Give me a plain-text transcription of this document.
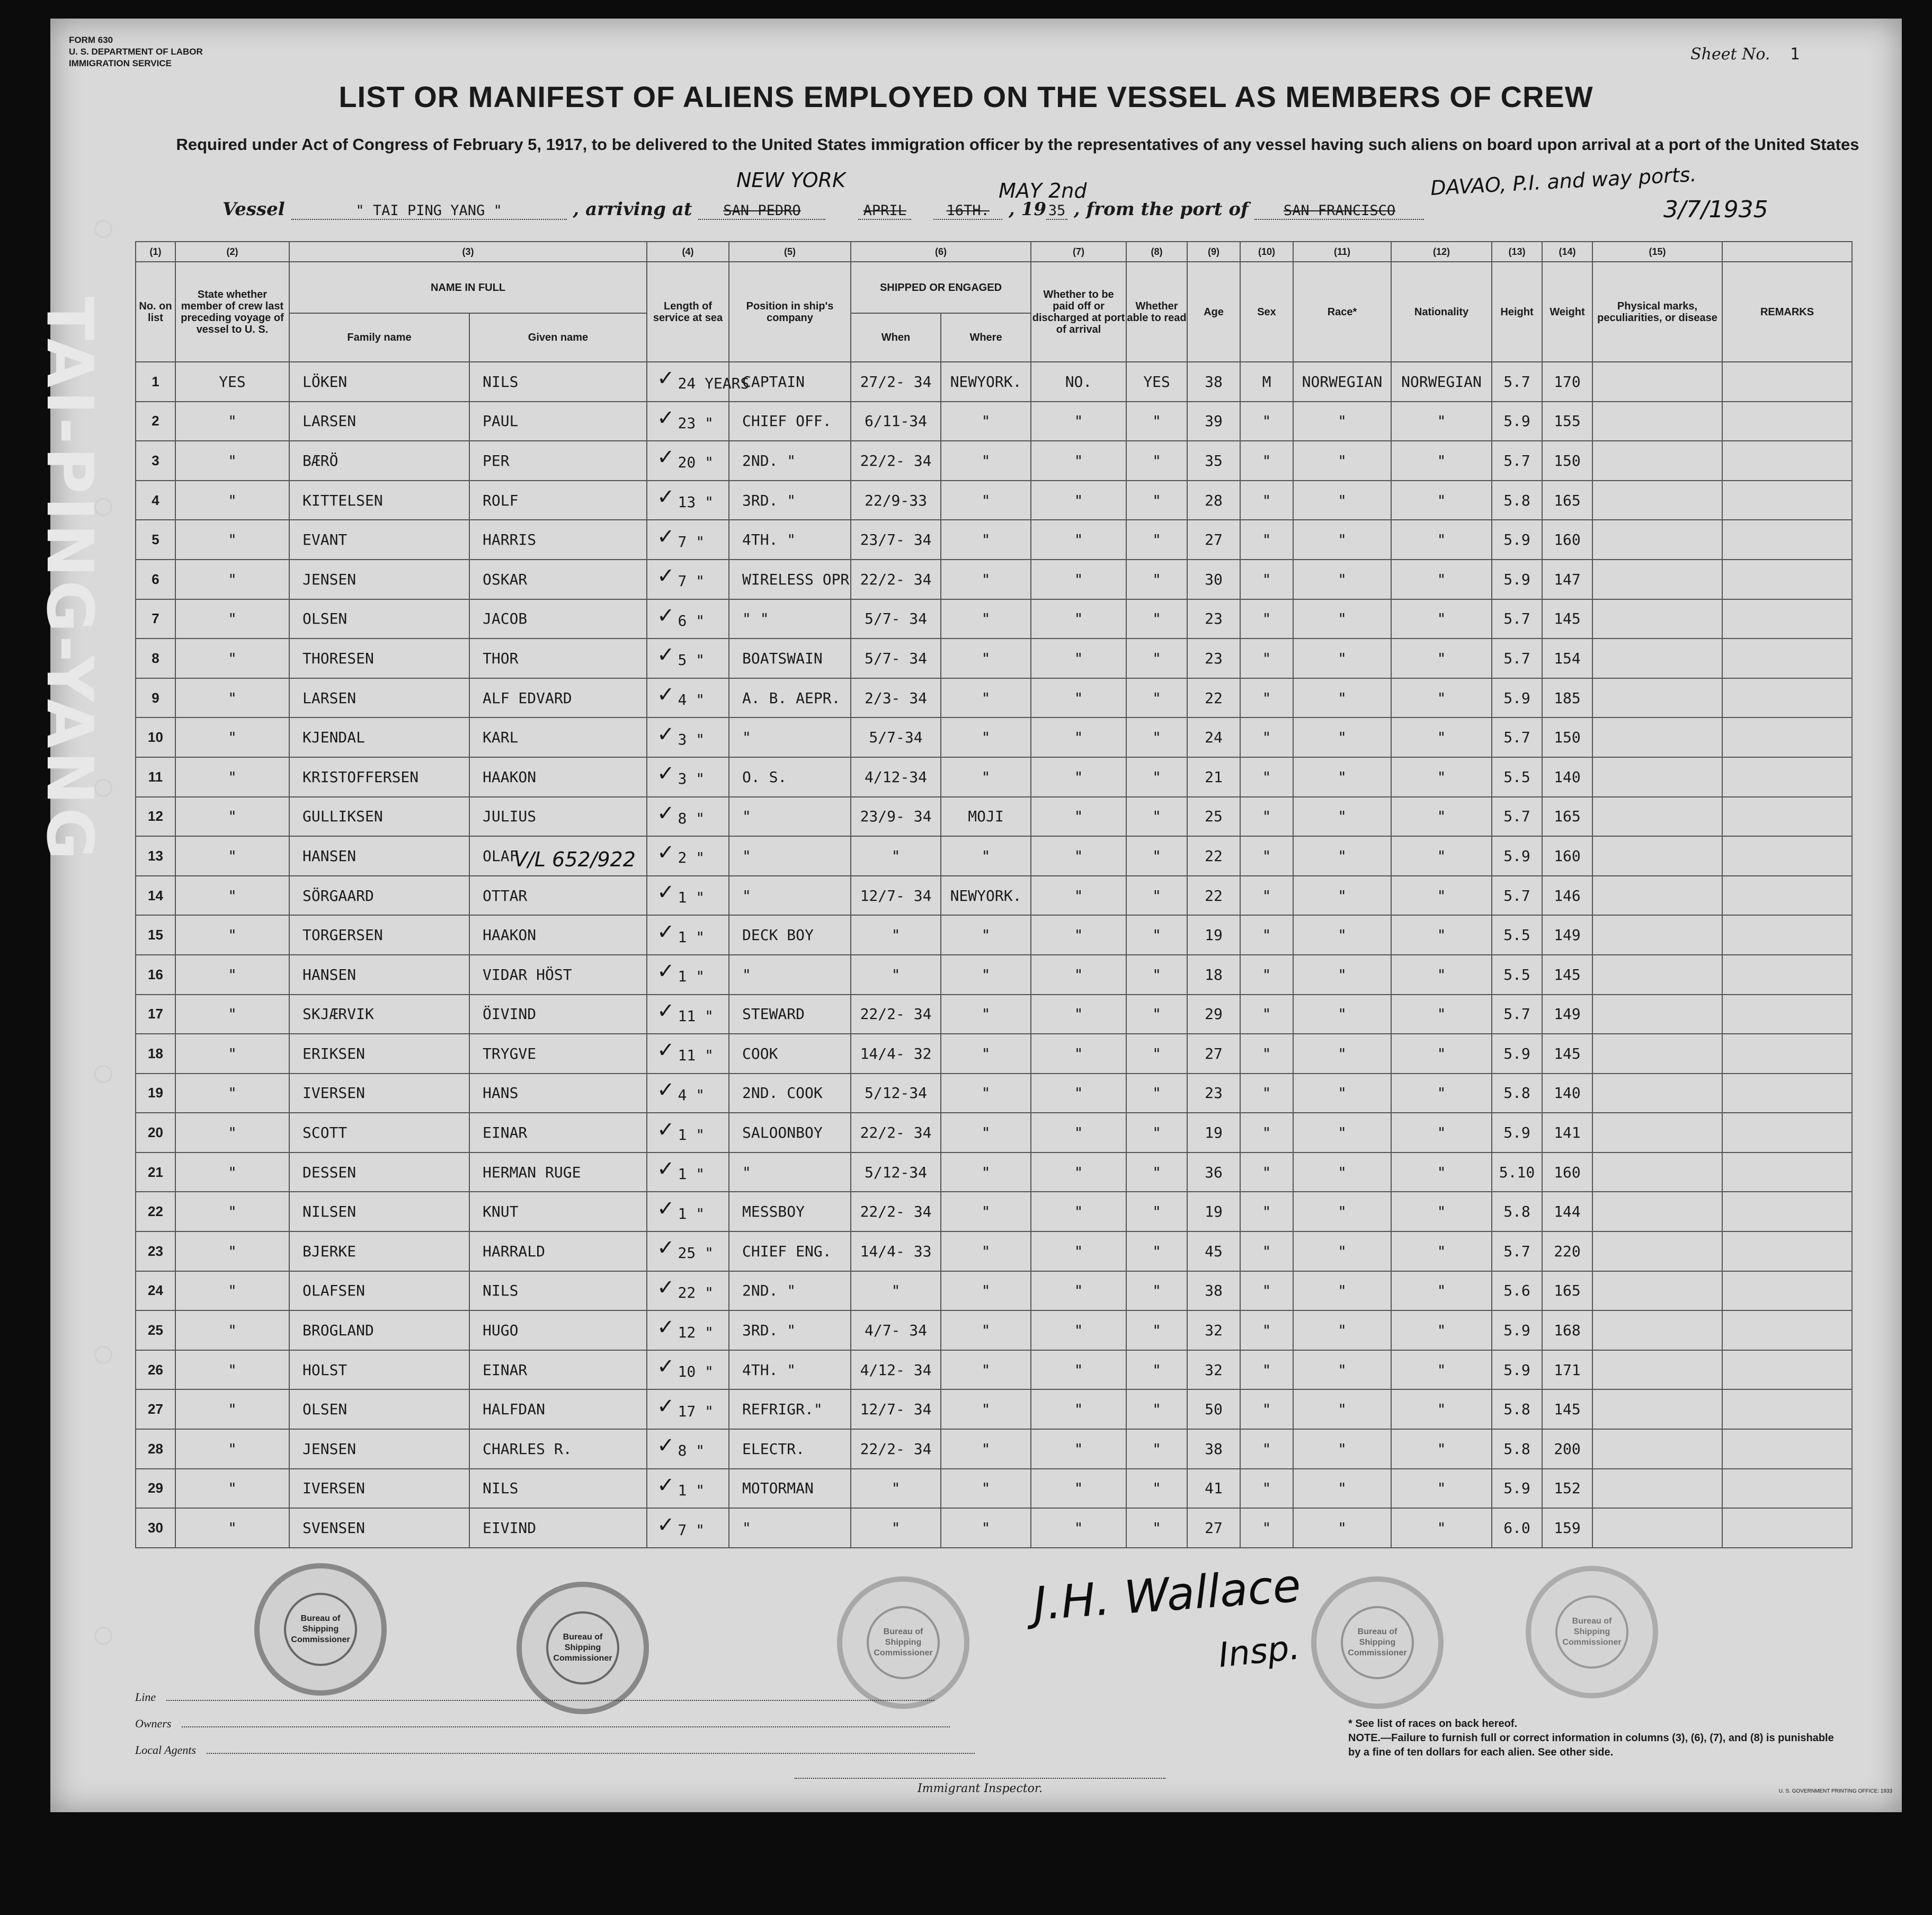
TAI-PING-YANG
FORM 630
U. S. DEPARTMENT OF LABOR
IMMIGRATION SERVICE	Sheet No. 1
LIST OR MANIFEST OF ALIENS EMPLOYED ON THE VESSEL AS MEMBERS OF CREW
Required under Act of Congress of February 5, 1917, to be delivered to the United States immigration officer by the representatives of any vessel having such aliens on board upon arrival at a port of the United States
Vessel	" TAI PING YANG "	, arriving at SAN PEDRO	APRIL	16TH. , 19 35 , from the port of SAN FRANCISCO
NEW YORK	MAY 2nd	DAVAO, P.I. and way ports.
3/7/1935
(1)	(2)	(3)		(4)	(5)	(6)		(7)	(8)	(9)	(10)	(11)	(12)	(13)	(14)	(15)	
No. on list	State whether member of crew last preceding voyage of vessel to U. S.	NAME IN FULL		Length of service at sea	Position in ship's company	SHIPPED OR ENGAGED		Whether to be paid off or discharged at port of arrival	Whether able to read	Age	Sex	Race*	Nationality	Height	Weight	Physical marks, peculiarities, or disease	REMARKS
		Family name	Given name			When	Where										
1	YES	LÖKEN	NILS	✓ 24 YEARS	CAPTAIN	27/2- 34	NEWYORK.	NO.	YES	38	M	NORWEGIAN	NORWEGIAN	5.7	170		
2	"	LARSEN	PAUL	✓ 23 "	CHIEF OFF.	6/11-34	"	"	"	39	"	"	"	5.9	155		
3	"	BÆRÖ	PER	✓ 20 "	2ND. "	22/2- 34	"	"	"	35	"	"	"	5.7	150		
4	"	KITTELSEN	ROLF	✓ 13 "	3RD. "	22/9-33	"	"	"	28	"	"	"	5.8	165		
5	"	EVANT	HARRIS	✓ 7 "	4TH. "	23/7- 34	"	"	"	27	"	"	"	5.9	160		
6	"	JENSEN	OSKAR	✓ 7 "	WIRELESS OPR	22/2- 34	"	"	"	30	"	"	"	5.9	147		
7	"	OLSEN	JACOB	✓ 6 "	" "	5/7- 34	"	"	"	23	"	"	"	5.7	145		
8	"	THORESEN	THOR	✓ 5 "	BOATSWAIN	5/7- 34	"	"	"	23	"	"	"	5.7	154		
9	"	LARSEN	ALF EDVARD	✓ 4 "	A. B. AEPR.	2/3- 34	"	"	"	22	"	"	"	5.9	185		
10	"	KJENDAL	KARL	✓ 3 "	"	5/7-34	"	"	"	24	"	"	"	5.7	150		
11	"	KRISTOFFERSEN	HAAKON	✓ 3 "	O. S.	4/12-34	"	"	"	21	"	"	"	5.5	140		
12	"	GULLIKSEN	JULIUS	✓ 8 "	"	23/9- 34	MOJI	"	"	25	"	"	"	5.7	165		
13	"	HANSEN	OLAF	✓ 2 "	"	"	"	"	"	22	"	"	"	5.9	160		
14	"	SÖRGAARD	OTTAR	✓ 1 "	"	12/7- 34	NEWYORK.	"	"	22	"	"	"	5.7	146		
15	"	TORGERSEN	HAAKON	✓ 1 "	DECK BOY	"	"	"	"	19	"	"	"	5.5	149		
16	"	HANSEN	VIDAR HÖST	✓ 1 "	"	"	"	"	"	18	"	"	"	5.5	145		
17	"	SKJÆRVIK	ÖIVIND	✓ 11 "	STEWARD	22/2- 34	"	"	"	29	"	"	"	5.7	149		
18	"	ERIKSEN	TRYGVE	✓ 11 "	COOK	14/4- 32	"	"	"	27	"	"	"	5.9	145		
19	"	IVERSEN	HANS	✓ 4 "	2ND. COOK	5/12-34	"	"	"	23	"	"	"	5.8	140		
20	"	SCOTT	EINAR	✓ 1 "	SALOONBOY	22/2- 34	"	"	"	19	"	"	"	5.9	141		
21	"	DESSEN	HERMAN RUGE	✓ 1 "	"	5/12-34	"	"	"	36	"	"	"	5.10	160		
22	"	NILSEN	KNUT	✓ 1 "	MESSBOY	22/2- 34	"	"	"	19	"	"	"	5.8	144		
23	"	BJERKE	HARRALD	✓ 25 "	CHIEF ENG.	14/4- 33	"	"	"	45	"	"	"	5.7	220		
24	"	OLAFSEN	NILS	✓ 22 "	2ND. "	"	"	"	"	38	"	"	"	5.6	165		
25	"	BROGLAND	HUGO	✓ 12 "	3RD. "	4/7- 34	"	"	"	32	"	"	"	5.9	168		
26	"	HOLST	EINAR	✓ 10 "	4TH. "	4/12- 34	"	"	"	32	"	"	"	5.9	171		
27	"	OLSEN	HALFDAN	✓ 17 "	REFRIGR."	12/7- 34	"	"	"	50	"	"	"	5.8	145		
28	"	JENSEN	CHARLES R.	✓ 8 "	ELECTR.	22/2- 34	"	"	"	38	"	"	"	5.8	200		
29	"	IVERSEN	NILS	✓ 1 "	MOTORMAN	"	"	"	"	41	"	"	"	5.9	152		
30	"	SVENSEN	EIVIND	✓ 7 "	"	"	"	"	"	27	"	"	"	6.0	159		
V/L 652/922
Bureau of Shipping Commissioner	Bureau of Shipping Commissioner
Bureau of Shipping Commissioner
Bureau of Shipping Commissioner
Bureau of Shipping Commissioner
J.H. Wallace
Insp.
Line
Owners
Local Agents
Immigrant Inspector.
* See list of races on back hereof.
NOTE.—Failure to furnish full or correct information in columns (3), (6), (7), and (8) is punishable by a fine of ten dollars for each alien. See other side.
U. S. GOVERNMENT PRINTING OFFICE: 1933
